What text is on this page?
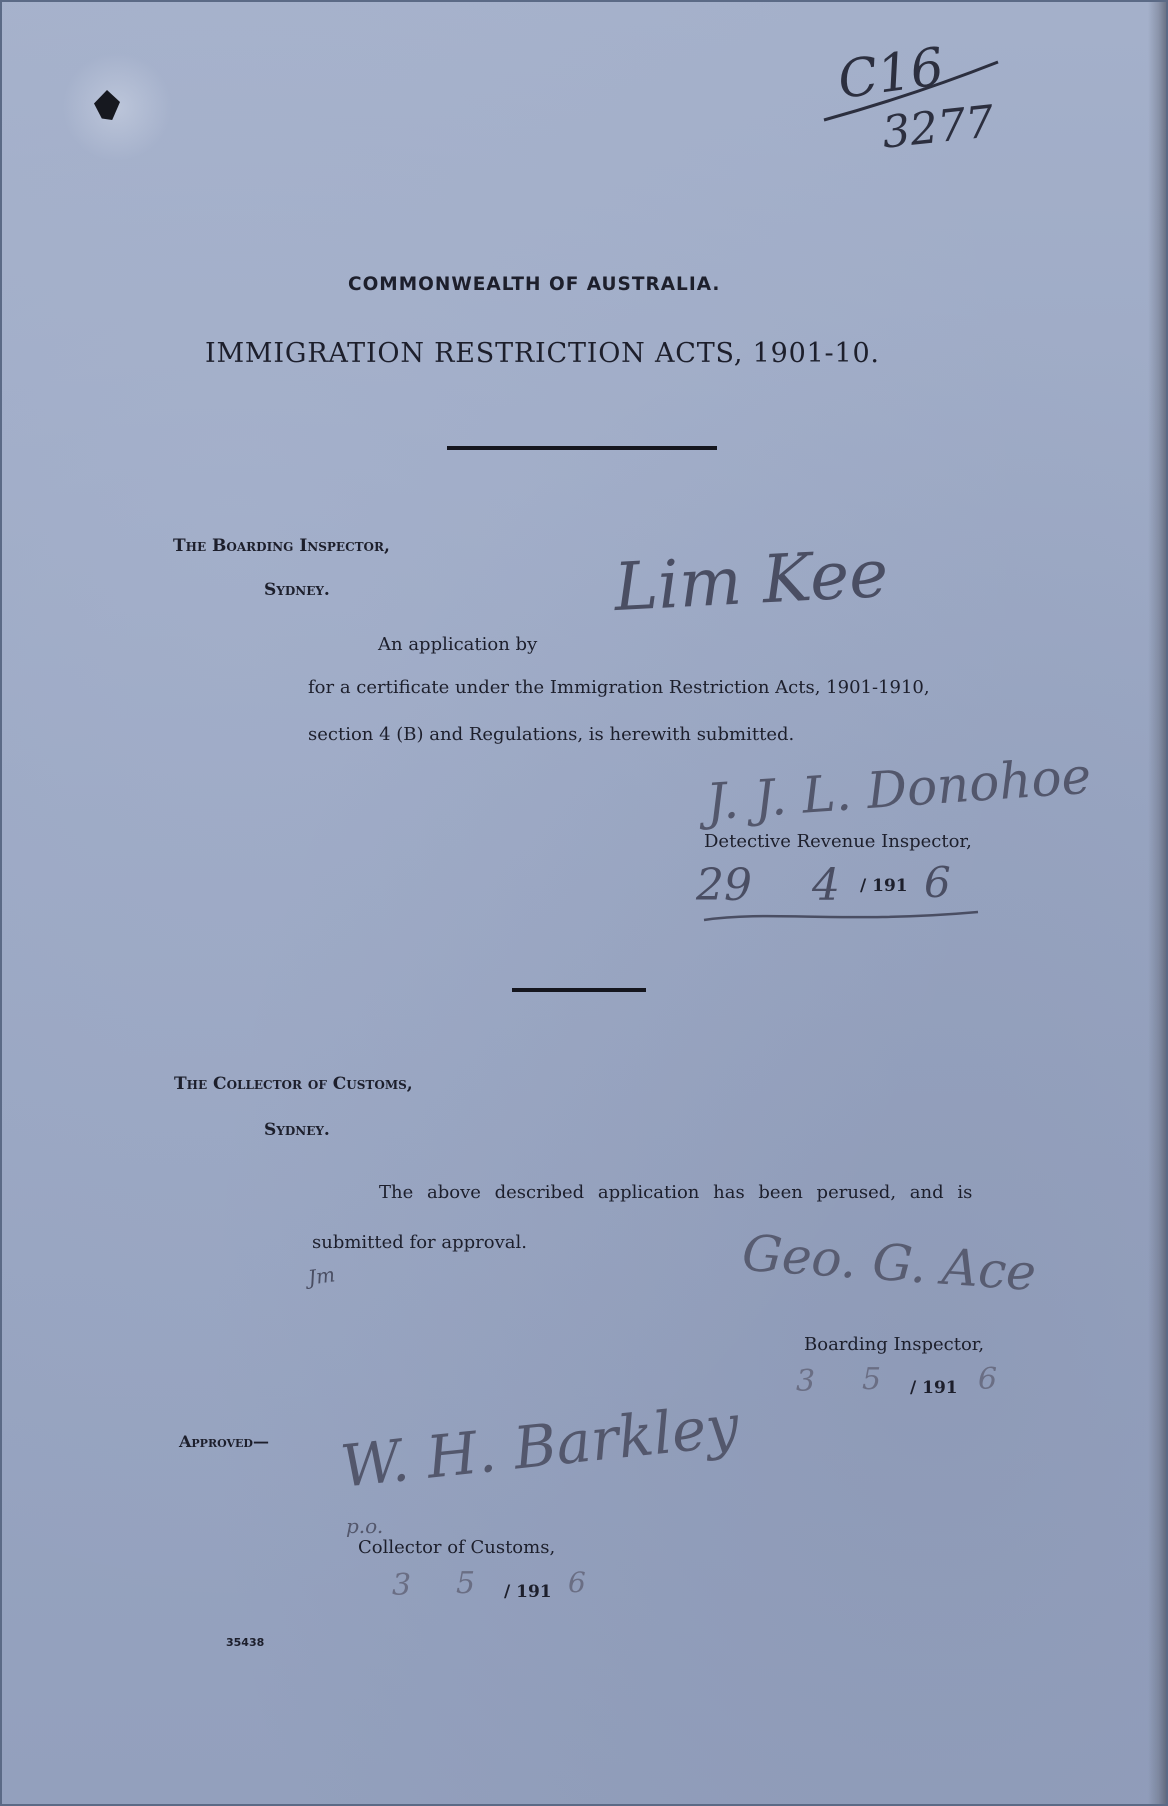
C16
3277
COMMONWEALTH OF AUSTRALIA.
IMMIGRATION RESTRICTION ACTS, 1901-10.
The Boarding Inspector,
Sydney.
An application by
Lim Kee
for a certificate under the Immigration Restriction Acts, 1901-1910,
section 4 (B) and Regulations, is herewith submitted.
J. J. L. Donohoe
Detective Revenue Inspector,
29 4 / 191 6
The Collector of Customs,
Sydney.
The above described application has been perused, and is
submitted for approval.
Jm	Geo. G. Ace
Boarding Inspector,
3 5 / 191 6
Approved— W. H. Barkley
p.o.
Collector of Customs,
3 5 / 191 6
35438
